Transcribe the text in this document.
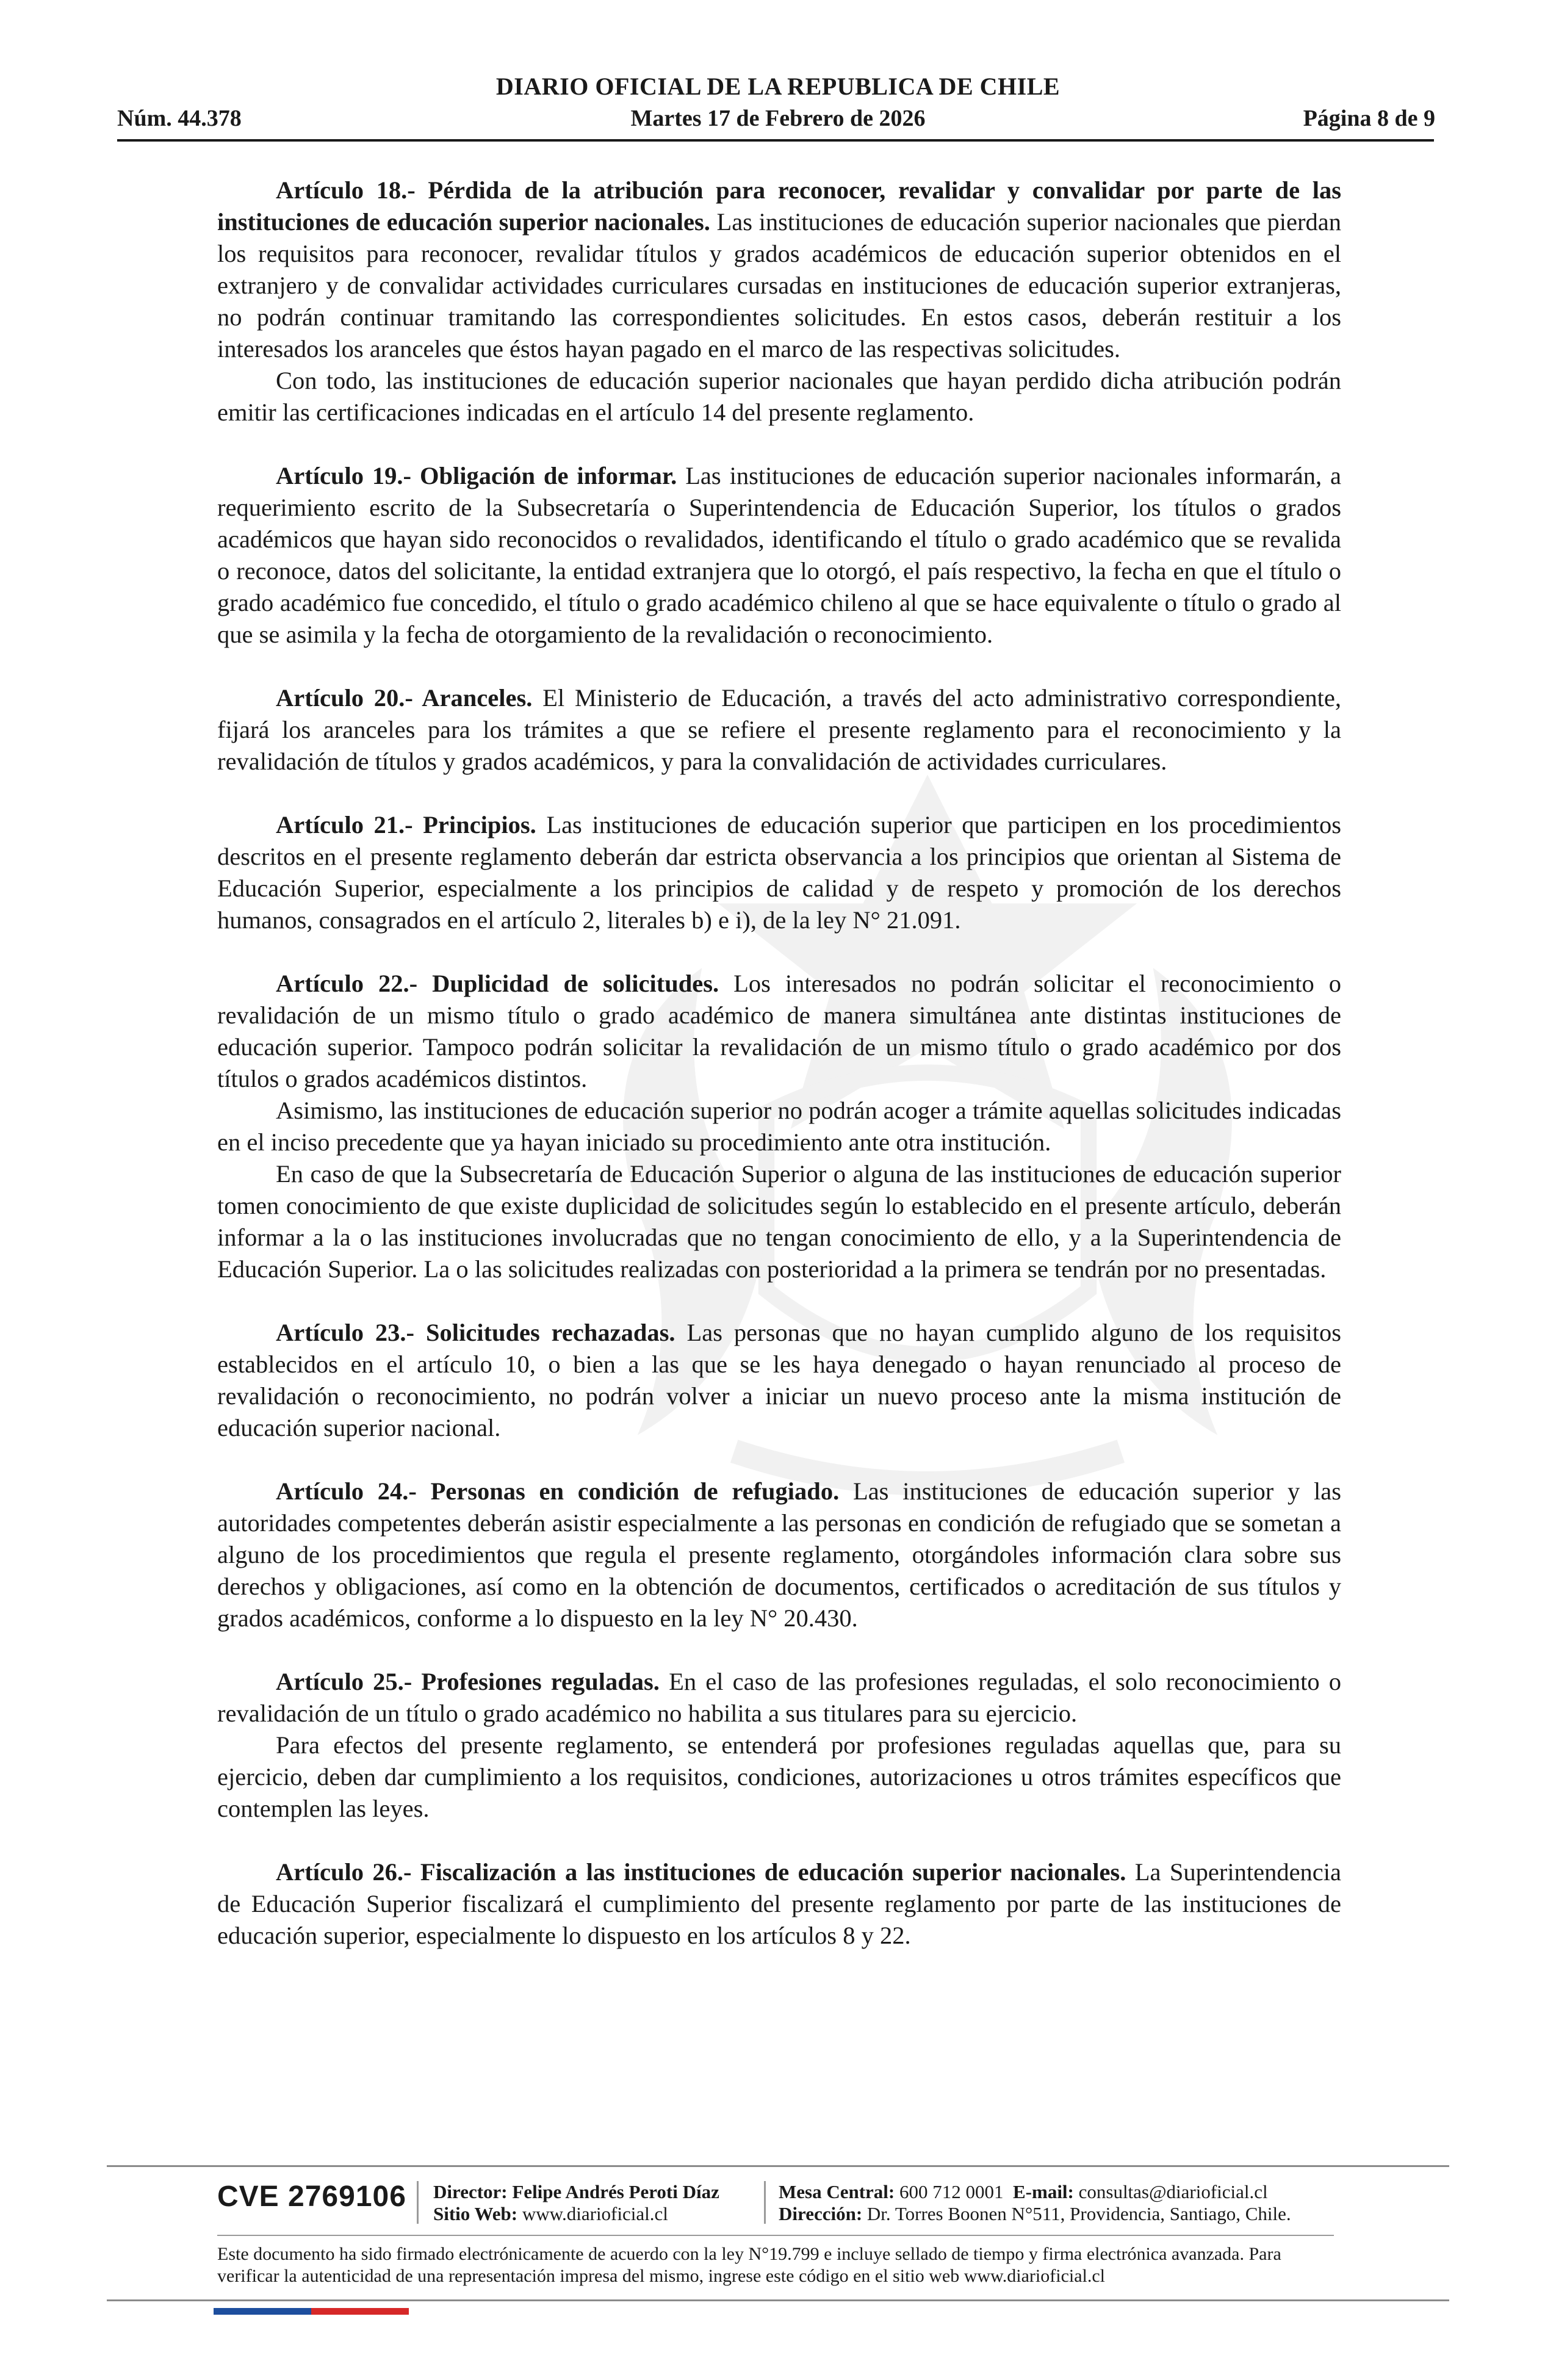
DIARIO OFICIAL DE LA REPUBLICA DE CHILE
Núm. 44.378	Martes 17 de Febrero de 2026	Página 8 de 9

Artículo 18.- Pérdida de la atribución para reconocer, revalidar y convalidar por parte de las instituciones de educación superior nacionales. Las instituciones de educación superior nacionales que pierdan los requisitos para reconocer, revalidar títulos y grados académicos de educación superior obtenidos en el extranjero y de convalidar actividades curriculares cursadas en instituciones de educación superior extranjeras, no podrán continuar tramitando las correspondientes solicitudes. En estos casos, deberán restituir a los interesados los aranceles que éstos hayan pagado en el marco de las respectivas solicitudes.

Con todo, las instituciones de educación superior nacionales que hayan perdido dicha atribución podrán emitir las certificaciones indicadas en el artículo 14 del presente reglamento.

Artículo 19.- Obligación de informar. Las instituciones de educación superior nacionales informarán, a requerimiento escrito de la Subsecretaría o Superintendencia de Educación Superior, los títulos o grados académicos que hayan sido reconocidos o revalidados, identificando el título o grado académico que se revalida o reconoce, datos del solicitante, la entidad extranjera que lo otorgó, el país respectivo, la fecha en que el título o grado académico fue concedido, el título o grado académico chileno al que se hace equivalente o título o grado al que se asimila y la fecha de otorgamiento de la revalidación o reconocimiento.

Artículo 20.- Aranceles. El Ministerio de Educación, a través del acto administrativo correspondiente, fijará los aranceles para los trámites a que se refiere el presente reglamento para el reconocimiento y la revalidación de títulos y grados académicos, y para la convalidación de actividades curriculares.

Artículo 21.- Principios. Las instituciones de educación superior que participen en los procedimientos descritos en el presente reglamento deberán dar estricta observancia a los principios que orientan al Sistema de Educación Superior, especialmente a los principios de calidad y de respeto y promoción de los derechos humanos, consagrados en el artículo 2, literales b) e i), de la ley N° 21.091.

Artículo 22.- Duplicidad de solicitudes. Los interesados no podrán solicitar el reconocimiento o revalidación de un mismo título o grado académico de manera simultánea ante distintas instituciones de educación superior. Tampoco podrán solicitar la revalidación de un mismo título o grado académico por dos títulos o grados académicos distintos.

Asimismo, las instituciones de educación superior no podrán acoger a trámite aquellas solicitudes indicadas en el inciso precedente que ya hayan iniciado su procedimiento ante otra institución.

En caso de que la Subsecretaría de Educación Superior o alguna de las instituciones de educación superior tomen conocimiento de que existe duplicidad de solicitudes según lo establecido en el presente artículo, deberán informar a la o las instituciones involucradas que no tengan conocimiento de ello, y a la Superintendencia de Educación Superior. La o las solicitudes realizadas con posterioridad a la primera se tendrán por no presentadas.

Artículo 23.- Solicitudes rechazadas. Las personas que no hayan cumplido alguno de los requisitos establecidos en el artículo 10, o bien a las que se les haya denegado o hayan renunciado al proceso de revalidación o reconocimiento, no podrán volver a iniciar un nuevo proceso ante la misma institución de educación superior nacional.

Artículo 24.- Personas en condición de refugiado. Las instituciones de educación superior y las autoridades competentes deberán asistir especialmente a las personas en condición de refugiado que se sometan a alguno de los procedimientos que regula el presente reglamento, otorgándoles información clara sobre sus derechos y obligaciones, así como en la obtención de documentos, certificados o acreditación de sus títulos y grados académicos, conforme a lo dispuesto en la ley N° 20.430.

Artículo 25.- Profesiones reguladas. En el caso de las profesiones reguladas, el solo reconocimiento o revalidación de un título o grado académico no habilita a sus titulares para su ejercicio.

Para efectos del presente reglamento, se entenderá por profesiones reguladas aquellas que, para su ejercicio, deben dar cumplimiento a los requisitos, condiciones, autorizaciones u otros trámites específicos que contemplen las leyes.

Artículo 26.- Fiscalización a las instituciones de educación superior nacionales. La Superintendencia de Educación Superior fiscalizará el cumplimiento del presente reglamento por parte de las instituciones de educación superior, especialmente lo dispuesto en los artículos 8 y 22.

CVE 2769106 Director: Felipe Andrés Peroti Díaz
Sitio Web: www.diarioficial.cl
Mesa Central: 600 712 0001 E-mail: consultas@diarioficial.cl
Dirección: Dr. Torres Boonen N°511, Providencia, Santiago, Chile.
Este documento ha sido firmado electrónicamente de acuerdo con la ley N°19.799 e incluye sellado de tiempo y firma electrónica avanzada. Para verificar la autenticidad de una representación impresa del mismo, ingrese este código en el sitio web www.diarioficial.cl
